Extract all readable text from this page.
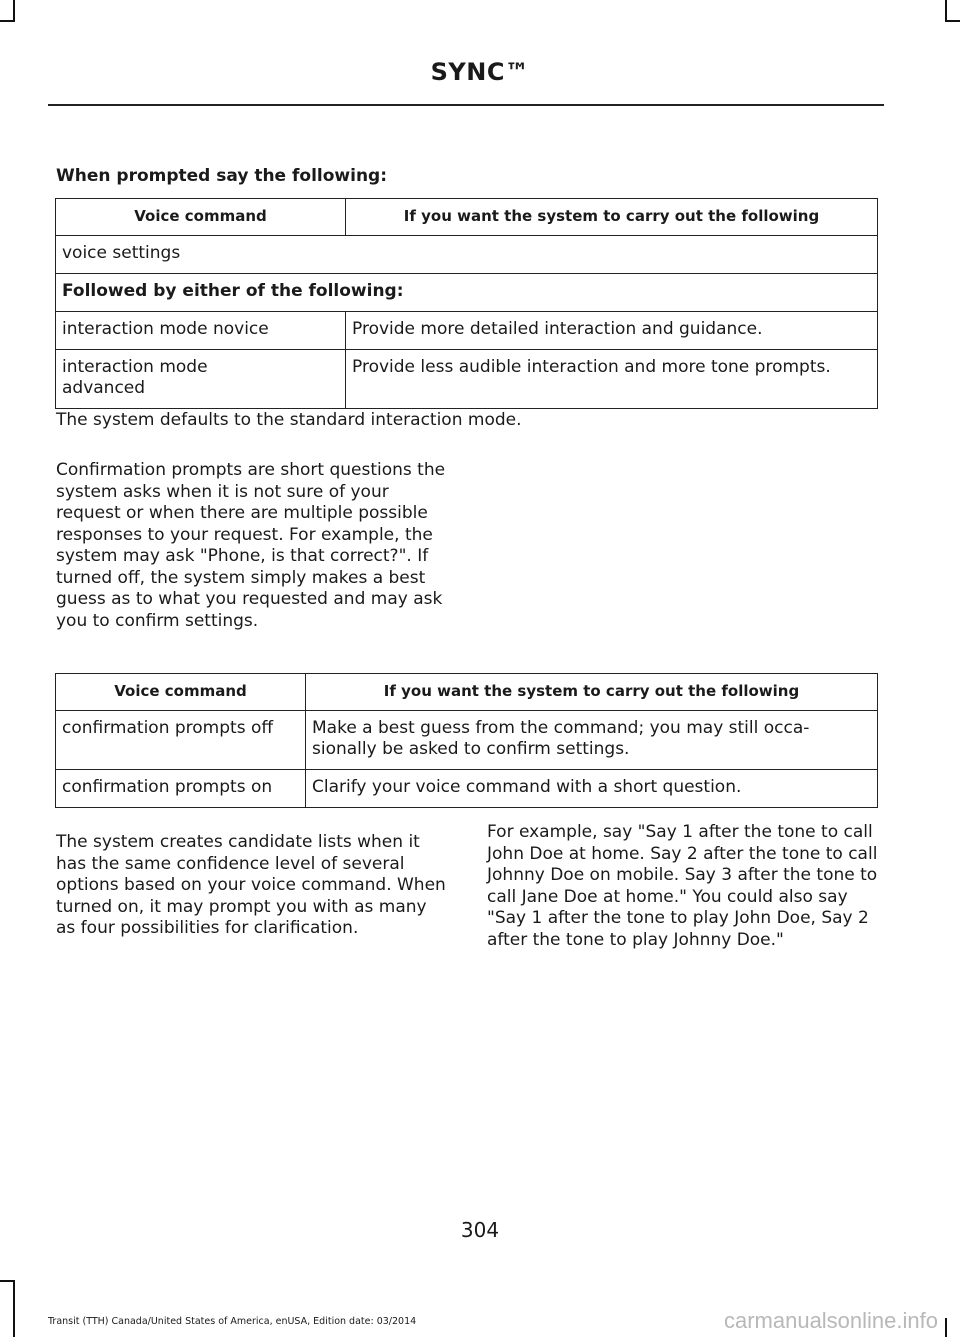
SYNC™
When prompted say the following:
Voice command	If you want the system to carry out the following
voice settings	
Followed by either of the following:	
interaction mode novice	Provide more detailed interaction and guidance.
interaction mode advanced	Provide less audible interaction and more tone prompts.
The system defaults to the standard interaction mode.
Confirmation prompts are short questions the system asks when it is not sure of your request or when there are multiple possible responses to your request. For example, the system may ask "Phone, is that correct?". If turned off, the system simply makes a best guess as to what you requested and may ask you to confirm settings.
Voice command	If you want the system to carry out the following
confirmation prompts off	Make a best guess from the command; you may still occa-sionally be asked to confirm settings.
confirmation prompts on	Clarify your voice command with a short question.
The system creates candidate lists when it has the same confidence level of several options based on your voice command. When turned on, it may prompt you with as many as four possibilities for clarification.
For example, say "Say 1 after the tone to call John Doe at home. Say 2 after the tone to call Johnny Doe on mobile. Say 3 after the tone to call Jane Doe at home." You could also say "Say 1 after the tone to play John Doe, Say 2 after the tone to play Johnny Doe."
304
Transit (TTH) Canada/United States of America, enUSA, Edition date: 03/2014	carmanualsonline.info
